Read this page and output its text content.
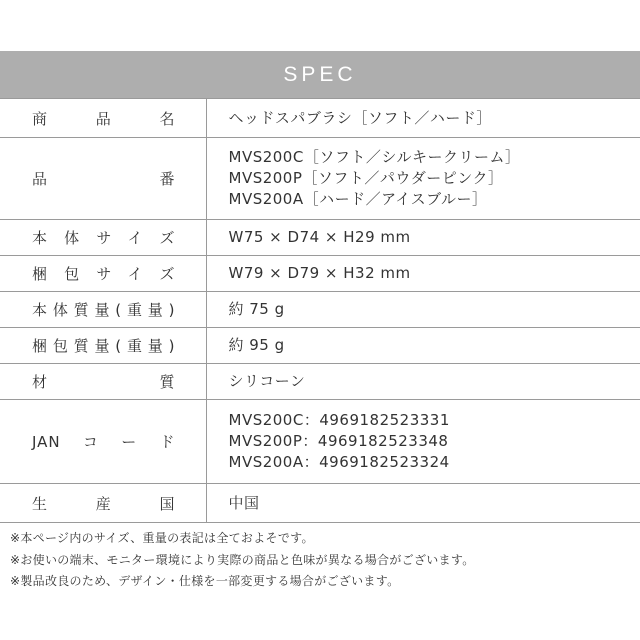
SPEC
商品名	ヘッドスパブラシ［ソフト／ハード］

品番	MVS200C［ソフト／シルキークリーム］
MVS200P［ソフト／パウダーピンク］
MVS200A［ハード／アイスブルー］

本体サイズ	W75 × D74 × H29 mm

梱包サイズ	W79 × D79 × H32 mm

本体質量(重量)	約 75 g

梱包質量(重量)	約 95 g

材質	シリコーン

JANコード	MVS200C：4969182523331
MVS200P：4969182523348
MVS200A：4969182523324

生産国	中国
※本ページ内のサイズ、重量の表記は全ておよそです。
※お使いの端末、モニター環境により実際の商品と色味が異なる場合がございます。
※製品改良のため、デザイン・仕様を一部変更する場合がございます。
